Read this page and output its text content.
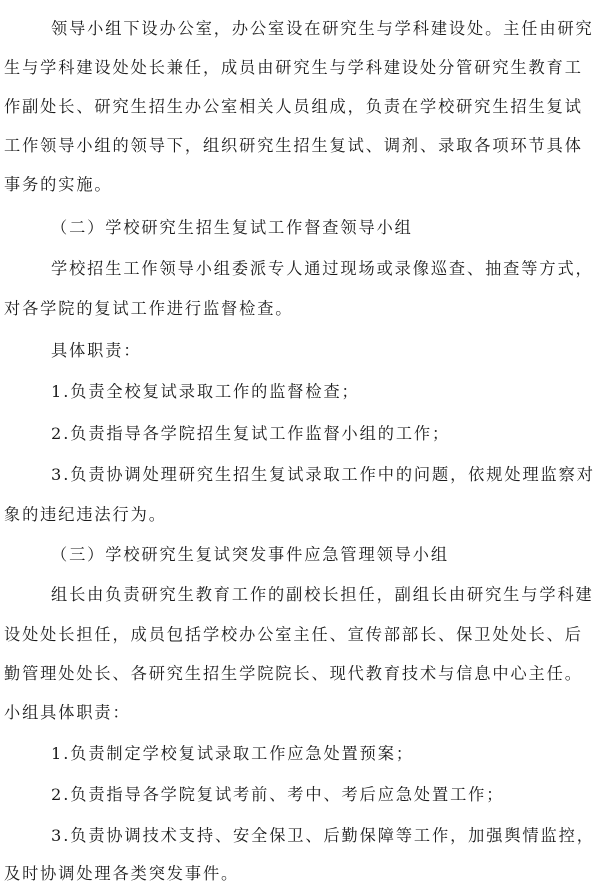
领导小组下设办公室，办公室设在研究生与学科建设处。主任由研究
生与学科建设处处长兼任，成员由研究生与学科建设处分管研究生教育工
作副处长、研究生招生办公室相关人员组成，负责在学校研究生招生复试
工作领导小组的领导下，组织研究生招生复试、调剂、录取各项环节具体
事务的实施。
（二）学校研究生招生复试工作督查领导小组
学校招生工作领导小组委派专人通过现场或录像巡查、抽查等方式，
对各学院的复试工作进行监督检查。
具体职责：
1.负责全校复试录取工作的监督检查；
2.负责指导各学院招生复试工作监督小组的工作；
3.负责协调处理研究生招生复试录取工作中的问题，依规处理监察对
象的违纪违法行为。
（三）学校研究生复试突发事件应急管理领导小组
组长由负责研究生教育工作的副校长担任，副组长由研究生与学科建
设处处长担任，成员包括学校办公室主任、宣传部部长、保卫处处长、后
勤管理处处长、各研究生招生学院院长、现代教育技术与信息中心主任。
小组具体职责：
1.负责制定学校复试录取工作应急处置预案；
2.负责指导各学院复试考前、考中、考后应急处置工作；
3.负责协调技术支持、安全保卫、后勤保障等工作，加强舆情监控，
及时协调处理各类突发事件。
